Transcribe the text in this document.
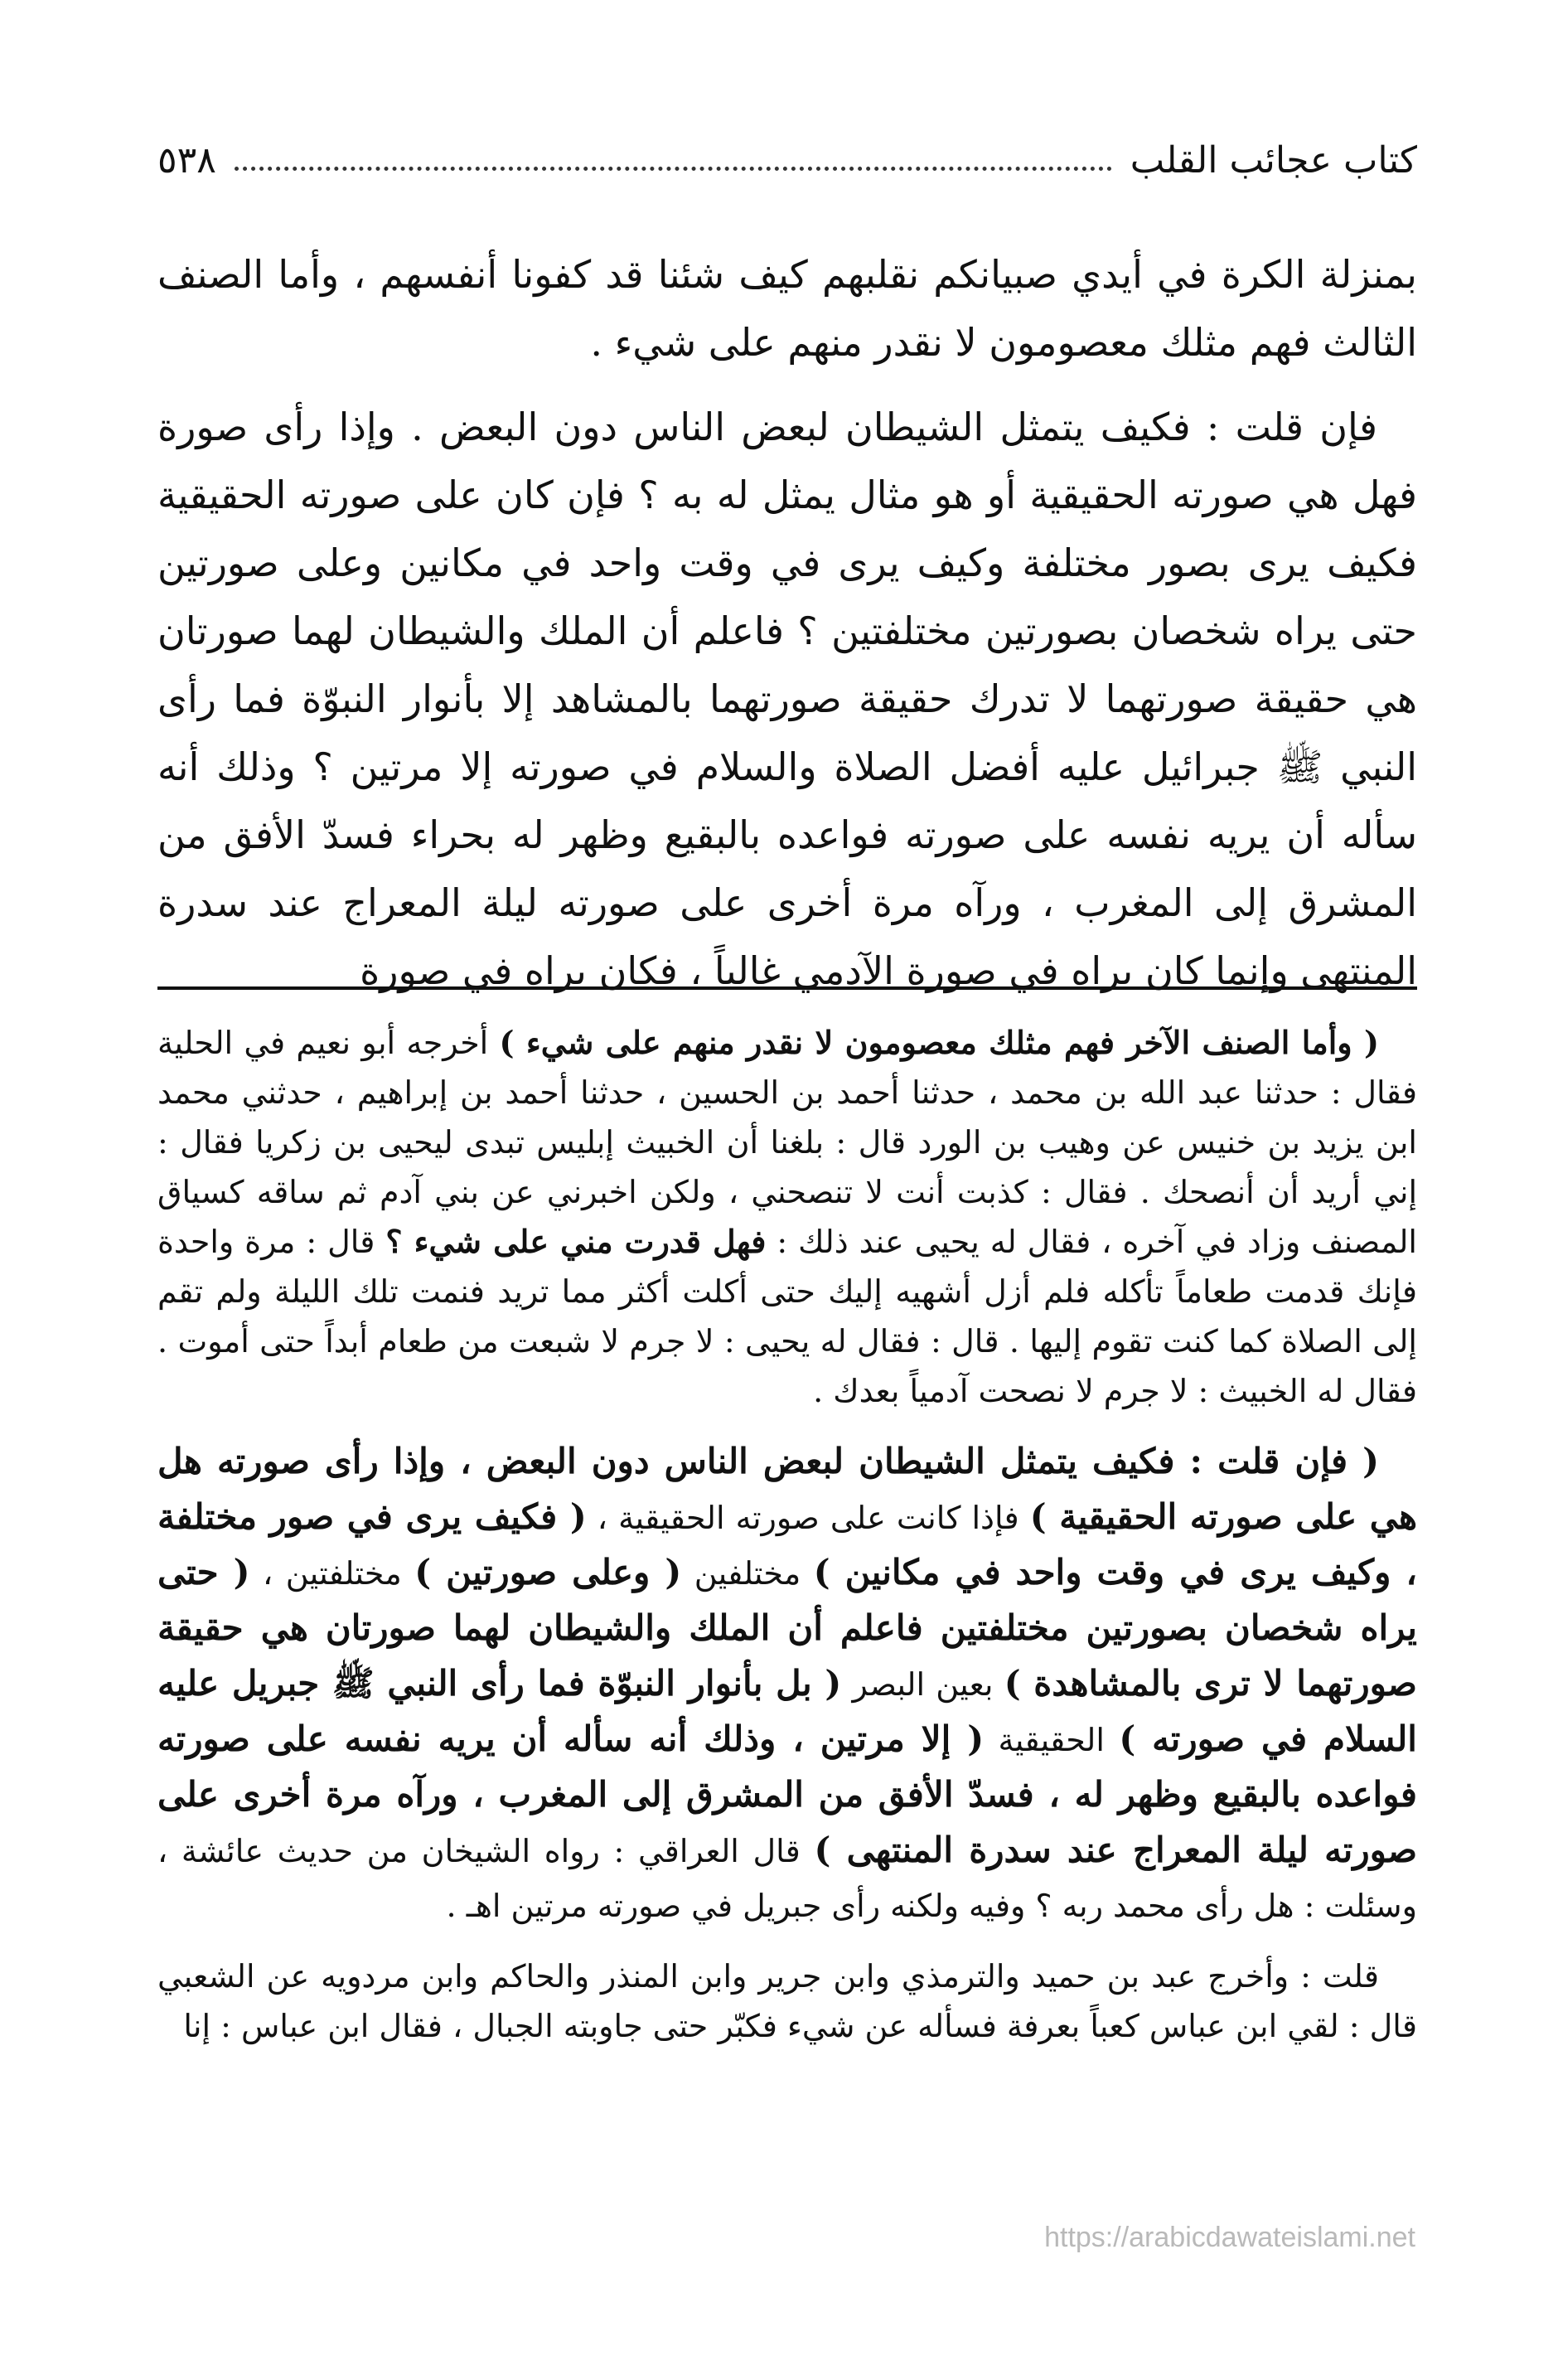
كتاب عجائب القلب
٥٣٨

بمنزلة الكرة في أيدي صبيانكم نقلبهم كيف شئنا قد كفونا أنفسهم ، وأما الصنف الثالث فهم مثلك معصومون لا نقدر منهم على شيء .

فإن قلت : فكيف يتمثل الشيطان لبعض الناس دون البعض . وإذا رأى صورة فهل هي صورته الحقيقية أو هو مثال يمثل له به ؟ فإن كان على صورته الحقيقية فكيف يرى بصور مختلفة وكيف يرى في وقت واحد في مكانين وعلى صورتين حتى يراه شخصان بصورتين مختلفتين ؟ فاعلم أن الملك والشيطان لهما صورتان هي حقيقة صورتهما لا تدرك حقيقة صورتهما بالمشاهد إلا بأنوار النبوّة فما رأى النبي ﷺ جبرائيل عليه أفضل الصلاة والسلام في صورته إلا مرتين ؟ وذلك أنه سأله أن يريه نفسه على صورته فواعده بالبقيع وظهر له بحراء فسدّ الأفق من المشرق إلى المغرب ، ورآه مرة أخرى على صورته ليلة المعراج عند سدرة المنتهى وإنما كان يراه في صورة الآدمي غالباً ، فكان يراه في صورة

( وأما الصنف الآخر فهم مثلك معصومون لا نقدر منهم على شيء ) أخرجه أبو نعيم في الحلية فقال : حدثنا عبد الله بن محمد ، حدثنا أحمد بن الحسين ، حدثنا أحمد بن إبراهيم ، حدثني محمد ابن يزيد بن خنيس عن وهيب بن الورد قال : بلغنا أن الخبيث إبليس تبدى ليحيى بن زكريا فقال : إني أريد أن أنصحك . فقال : كذبت أنت لا تنصحني ، ولكن اخبرني عن بني آدم ثم ساقه كسياق المصنف وزاد في آخره ، فقال له يحيى عند ذلك : فهل قدرت مني على شيء ؟ قال : مرة واحدة فإنك قدمت طعاماً تأكله فلم أزل أشهيه إليك حتى أكلت أكثر مما تريد فنمت تلك الليلة ولم تقم إلى الصلاة كما كنت تقوم إليها . قال : فقال له يحيى : لا جرم لا شبعت من طعام أبداً حتى أموت . فقال له الخبيث : لا جرم لا نصحت آدمياً بعدك .

( فإن قلت : فكيف يتمثل الشيطان لبعض الناس دون البعض ، وإذا رأى صورته هل هي على صورته الحقيقية ) فإذا كانت على صورته الحقيقية ، ( فكيف يرى في صور مختلفة ، وكيف يرى في وقت واحد في مكانين ) مختلفين ( وعلى صورتين ) مختلفتين ، ( حتى يراه شخصان بصورتين مختلفتين فاعلم أن الملك والشيطان لهما صورتان هي حقيقة صورتهما لا ترى بالمشاهدة ) بعين البصر ( بل بأنوار النبوّة فما رأى النبي ﷺ جبريل عليه السلام في صورته ) الحقيقية ( إلا مرتين ، وذلك أنه سأله أن يريه نفسه على صورته فواعده بالبقيع وظهر له ، فسدّ الأفق من المشرق إلى المغرب ، ورآه مرة أخرى على صورته ليلة المعراج عند سدرة المنتهى ) قال العراقي : رواه الشيخان من حديث عائشة ، وسئلت : هل رأى محمد ربه ؟ وفيه ولكنه رأى جبريل في صورته مرتين اهـ .

قلت : وأخرج عبد بن حميد والترمذي وابن جرير وابن المنذر والحاكم وابن مردويه عن الشعبي قال : لقي ابن عباس كعباً بعرفة فسأله عن شيء فكبّر حتى جاوبته الجبال ، فقال ابن عباس : إنا

https://arabicdawateislami.net
